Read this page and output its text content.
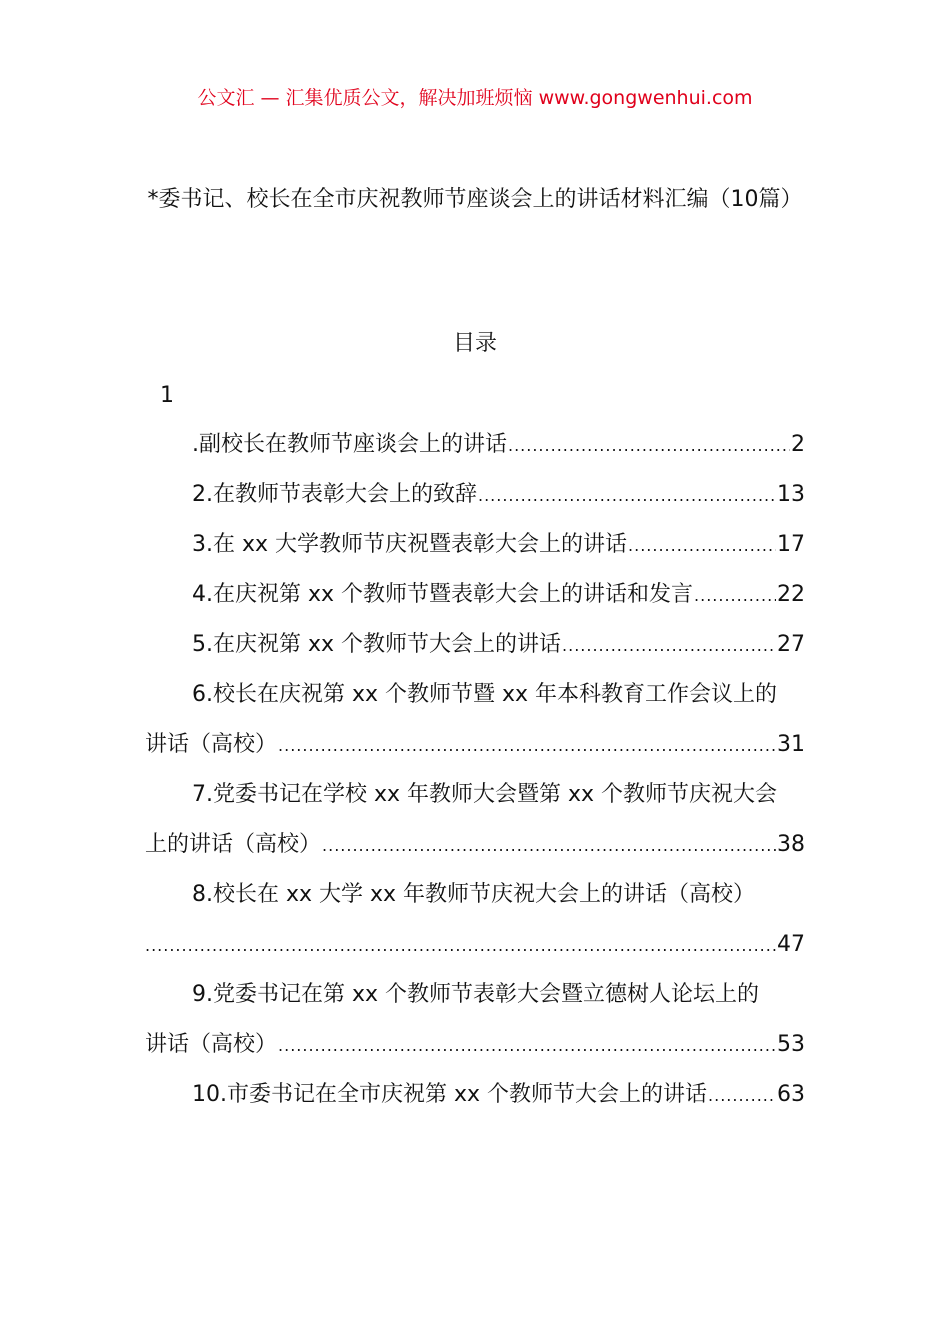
公文汇 — 汇集优质公文，解决加班烦恼 www.gongwenhui.com
*委书记、校长在全市庆祝教师节座谈会上的讲话材料汇编（10篇）
目录
1
.副校长在教师节座谈会上的讲话 .....	2
2.在教师节表彰大会上的致辞 .....	13
3.在 xx 大学教师节庆祝暨表彰大会上的讲话 .....	17
4.在庆祝第 xx 个教师节暨表彰大会上的讲话和发言 .....	22
5.在庆祝第 xx 个教师节大会上的讲话 .....	27
6.校长在庆祝第 xx 个教师节暨 xx 年本科教育工作会议上的
讲话（高校） .....	31
7.党委书记在学校 xx 年教师大会暨第 xx 个教师节庆祝大会
上的讲话（高校） .....	38
8.校长在 xx 大学 xx 年教师节庆祝大会上的讲话（高校）
.....
47
9.党委书记在第 xx 个教师节表彰大会暨立德树人论坛上的
讲话（高校） .....	53
10.市委书记在全市庆祝第 xx 个教师节大会上的讲话 .....	63
